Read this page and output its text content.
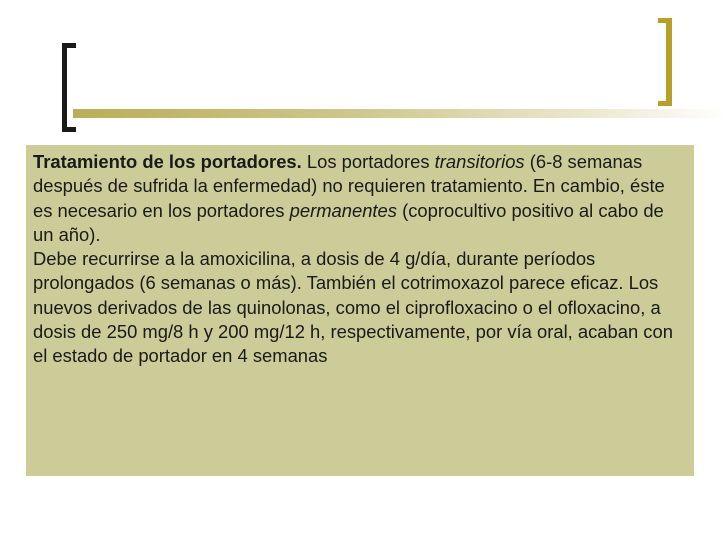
Tratamiento de los portadores. Los portadores transitorios (6-8 semanas después de sufrida la enfermedad) no requieren tratamiento. En cambio, éste es necesario en los portadores permanentes (coprocultivo positivo al cabo de un año).

Debe recurrirse a la amoxicilina, a dosis de 4 g/día, durante períodos prolongados (6 semanas o más). También el cotrimoxazol parece eficaz. Los nuevos derivados de las quinolonas, como el ciprofloxacino o el ofloxacino, a dosis de 250 mg/8 h y 200 mg/12 h, respectivamente, por vía oral, acaban con el estado de portador en 4 semanas
